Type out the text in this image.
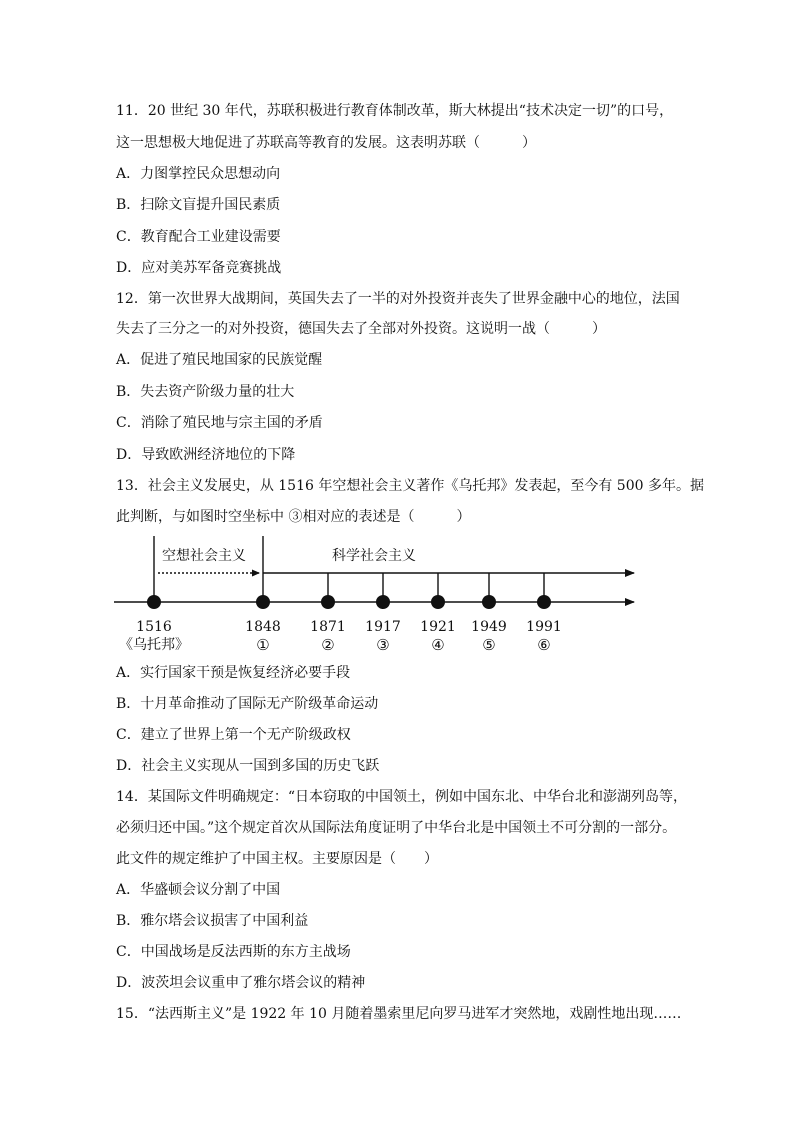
11．20 世纪 30 年代，苏联积极进行教育体制改革，斯大林提出“技术决定一切”的口号，
这一思想极大地促进了苏联高等教育的发展。这表明苏联（　　　）
A．力图掌控民众思想动向
B．扫除文盲提升国民素质
C．教育配合工业建设需要
D．应对美苏军备竞赛挑战
12．第一次世界大战期间，英国失去了一半的对外投资并丧失了世界金融中心的地位，法国
失去了三分之一的对外投资，德国失去了全部对外投资。这说明一战（　　　）
A．促进了殖民地国家的民族觉醒
B．失去资产阶级力量的壮大
C．消除了殖民地与宗主国的矛盾
D．导致欧洲经济地位的下降
13．社会主义发展史，从 1516 年空想社会主义著作《乌托邦》发表起，至今有 500 多年。据
此判断，与如图时空坐标中 ③相对应的表述是（　　　）
空想社会主义	科学社会主义
1516	1848 1871 1917 1921 1949 1991
《乌托邦》	①	②	③	④	⑤	⑥
A．实行国家干预是恢复经济必要手段
B．十月革命推动了国际无产阶级革命运动
C．建立了世界上第一个无产阶级政权
D．社会主义实现从一国到多国的历史飞跃
14．某国际文件明确规定：“日本窃取的中国领土，例如中国东北、中华台北和澎湖列岛等，
必须归还中国。”这个规定首次从国际法角度证明了中华台北是中国领土不可分割的一部分。
此文件的规定维护了中国主权。主要原因是（　　）
A．华盛顿会议分割了中国
B．雅尔塔会议损害了中国利益
C．中国战场是反法西斯的东方主战场
D．波茨坦会议重申了雅尔塔会议的精神
15．“法西斯主义”是 1922 年 10 月随着墨索里尼向罗马进军才突然地，戏剧性地出现……
